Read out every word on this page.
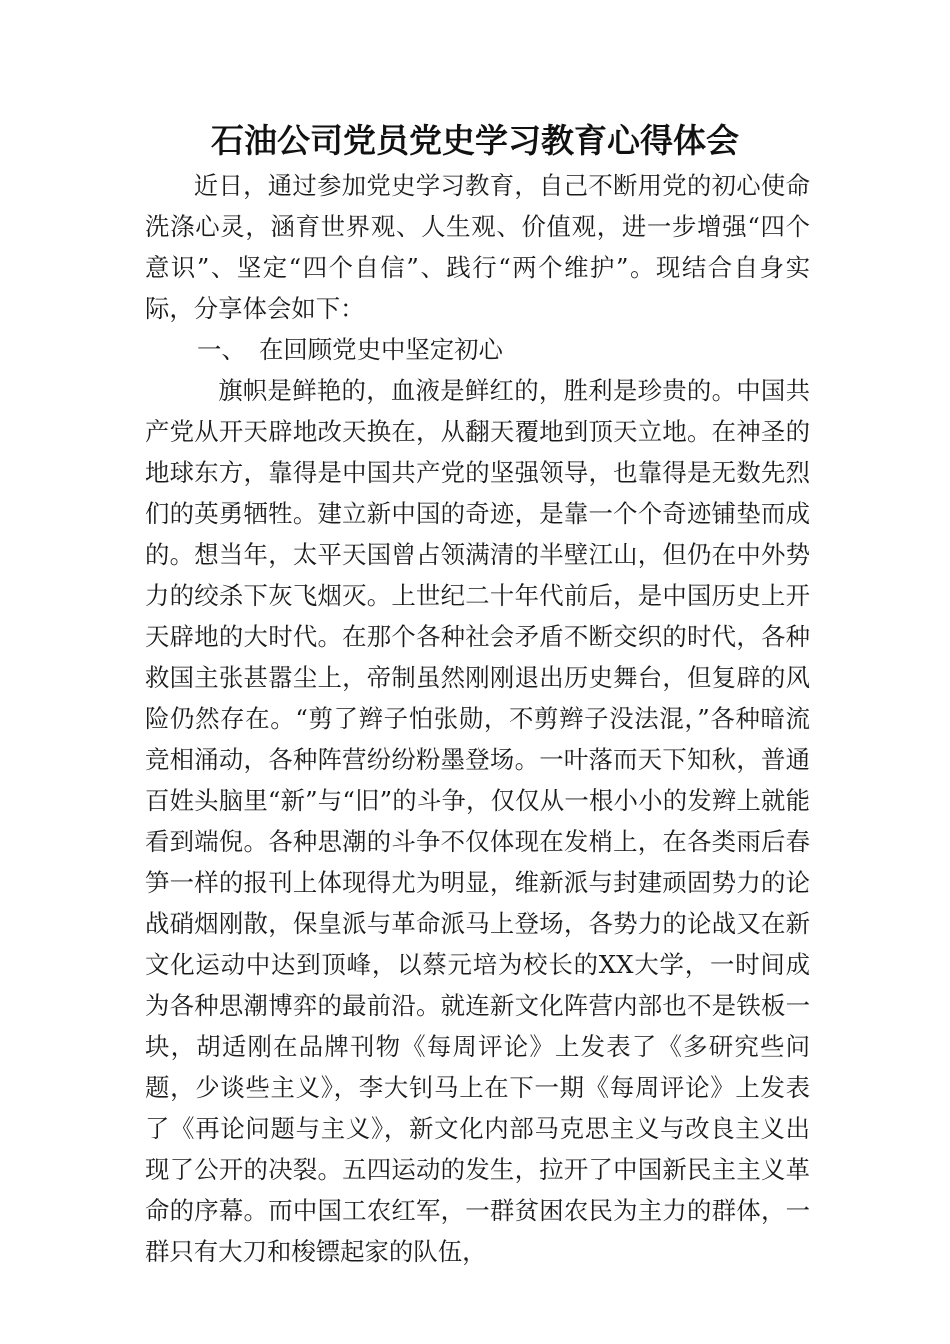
石油公司党员党史学习教育心得体会

近日，通过参加党史学习教育，自己不断用党的初心使命洗涤心灵，涵育世界观、人生观、价值观，进一步增强“四个意识”、坚定“四个自信”、践行“两个维护”。现结合自身实际，分享体会如下：

一、 在回顾党史中坚定初心

旗帜是鲜艳的，血液是鲜红的，胜利是珍贵的。中国共产党从开天辟地改天换在，从翻天覆地到顶天立地。在神圣的地球东方，靠得是中国共产党的坚强领导，也靠得是无数先烈们的英勇牺牲。建立新中国的奇迹，是靠一个个奇迹铺垫而成的。想当年，太平天国曾占领满清的半壁江山，但仍在中外势力的绞杀下灰飞烟灭。上世纪二十年代前后，是中国历史上开天辟地的大时代。在那个各种社会矛盾不断交织的时代，各种救国主张甚嚣尘上，帝制虽然刚刚退出历史舞台，但复辟的风险仍然存在。“剪了辫子怕张勋，不剪辫子没法混，”各种暗流竞相涌动，各种阵营纷纷粉墨登场。一叶落而天下知秋，普通百姓头脑里“新”与“旧”的斗争，仅仅从一根小小的发辫上就能看到端倪。各种思潮的斗争不仅体现在发梢上，在各类雨后春笋一样的报刊上体现得尤为明显，维新派与封建顽固势力的论战硝烟刚散，保皇派与革命派马上登场，各势力的论战又在新文化运动中达到顶峰，以蔡元培为校长的XX大学，一时间成为各种思潮博弈的最前沿。就连新文化阵营内部也不是铁板一块，胡适刚在品牌刊物《每周评论》上发表了《多研究些问题，少谈些主义》，李大钊马上在下一期《每周评论》上发表了《再论问题与主义》，新文化内部马克思主义与改良主义出现了公开的决裂。五四运动的发生，拉开了中国新民主主义革命的序幕。而中国工农红军，一群贫困农民为主力的群体，一群只有大刀和梭镖起家的队伍，
